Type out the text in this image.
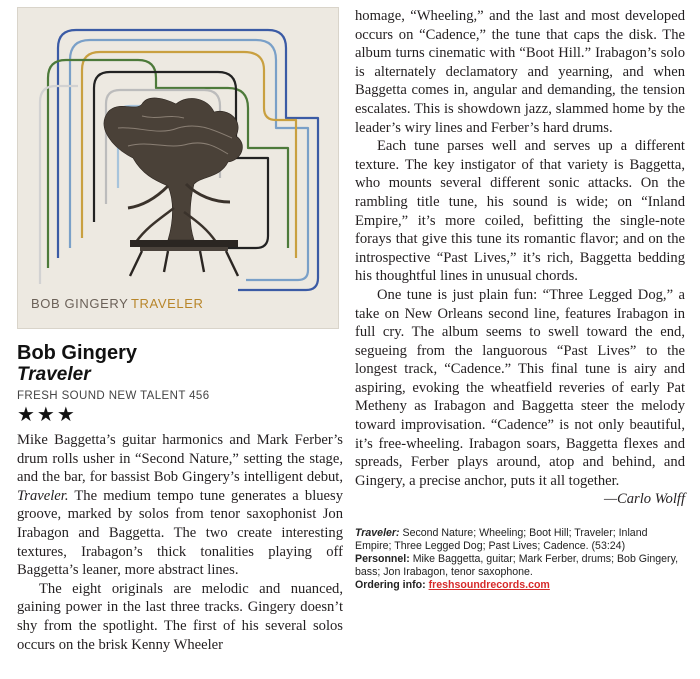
BOB GINGERY TRAVELER
Bob Gingery
Traveler
FRESH SOUND NEW TALENT 456
★★★

Mike Baggetta’s guitar harmonics and Mark Ferber’s drum rolls usher in “Second Nature,” setting the stage, and the bar, for bassist Bob Gingery’s intelligent debut, Traveler. The medium tempo tune generates a bluesy groove, marked by solos from tenor saxophonist Jon Irabagon and Baggetta. The two create interesting textures, Irabagon’s thick tonalities playing off Baggetta’s leaner, more abstract lines.

The eight originals are melodic and nuanced, gaining power in the last three tracks. Gingery doesn’t shy from the spotlight. The first of his several solos occurs on the brisk Kenny Wheeler

homage, “Wheeling,” and the last and most developed occurs on “Cadence,” the tune that caps the disk. The album turns cinematic with “Boot Hill.” Irabagon’s solo is alternately declamatory and yearning, and when Baggetta comes in, angular and demanding, the tension escalates. This is showdown jazz, slammed home by the leader’s wiry lines and Ferber’s hard drums.

Each tune parses well and serves up a different texture. The key instigator of that variety is Baggetta, who mounts several different sonic attacks. On the rambling title tune, his sound is wide; on “Inland Empire,” it’s more coiled, befitting the single-note forays that give this tune its romantic flavor; and on the introspective “Past Lives,” it’s rich, Baggetta bedding his thoughtful lines in unusual chords.

One tune is just plain fun: “Three Legged Dog,” a take on New Orleans second line, features Irabagon in full cry. The album seems to swell toward the end, segueing from the languorous “Past Lives” to the longest track, “Cadence.” This final tune is airy and aspiring, evoking the wheatfield reveries of early Pat Metheny as Irabagon and Baggetta steer the melody toward improvisation. “Cadence” is not only beautiful, it’s free-wheeling. Irabagon soars, Baggetta flexes and spreads, Ferber plays around, atop and behind, and Gingery, a precise anchor, puts it all together.

—Carlo Wolff

Traveler: Second Nature; Wheeling; Boot Hill; Traveler; Inland Empire; Three Legged Dog; Past Lives; Cadence. (53:24)

Personnel: Mike Baggetta, guitar; Mark Ferber, drums; Bob Gingery, bass; Jon Irabagon, tenor saxophone.

Ordering info: freshsoundrecords.com
